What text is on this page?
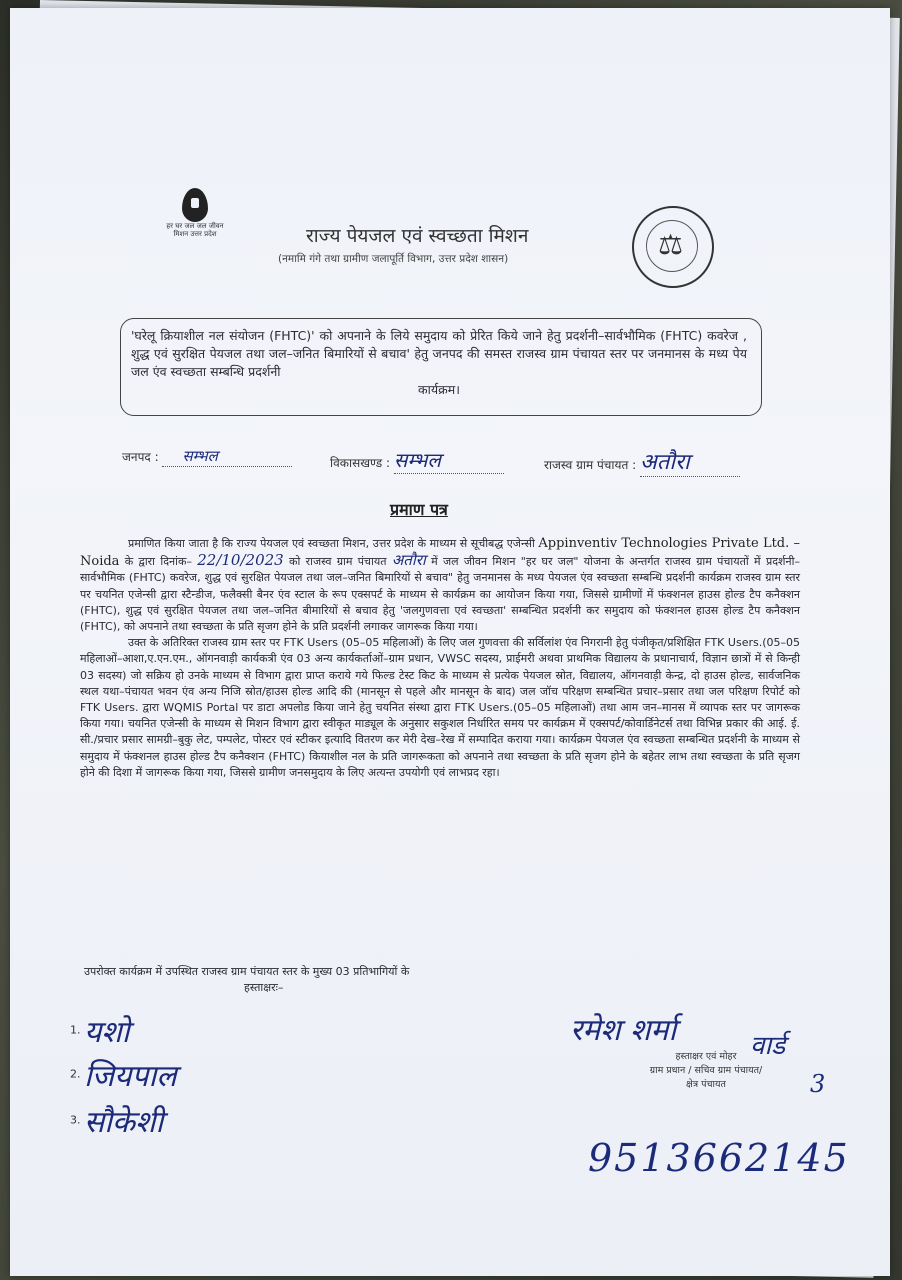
हर घर जल जल जीवन मिशन उत्तर प्रदेश	राज्य पेयजल एवं स्वच्छता मिशन
(नमामि गंगे तथा ग्रामीण जलापूर्ति विभाग, उत्तर प्रदेश शासन)
⚖
'घरेलू क्रियाशील नल संयोजन (FHTC)' को अपनाने के लिये समुदाय को प्रेरित किये जाने हेतु प्रदर्शनी–सार्वभौमिक (FHTC) कवरेज , शुद्ध एवं सुरक्षित पेयजल तथा जल–जनित बिमारियों से बचाव' हेतु जनपद की समस्त राजस्व ग्राम पंचायत स्तर पर जनमानस के मध्य पेय जल एंव स्वच्छता सम्बन्धि प्रदर्शनी
कार्यक्रम।
जनपद : सम्भल	विकासखण्ड : सम्भल	राजस्व ग्राम पंचायत : अतौरा
प्रमाण पत्र

प्रमाणित किया जाता है कि राज्य पेयजल एवं स्वच्छता मिशन, उत्तर प्रदेश के माध्यम से सूचीबद्ध एजेन्सी Appinventiv Technologies Private Ltd. – Noida के द्वारा दिनांक– 22/10/2023 को राजस्व ग्राम पंचायत अतौरा में जल जीवन मिशन "हर घर जल" योजना के अन्तर्गत राजस्व ग्राम पंचायतों में प्रदर्शनी–सार्वभौमिक (FHTC) कवरेज, शुद्ध एवं सुरक्षित पेयजल तथा जल–जनित बिमारियों से बचाव" हेतु जनमानस के मध्य पेयजल एंव स्वच्छता सम्बन्धि प्रदर्शनी कार्यक्रम राजस्व ग्राम स्तर पर चयनित एजेन्सी द्वारा स्टैन्डीज, फलैक्सी बैनर एंव स्टाल के रूप एक्सपर्ट के माध्यम से कार्यक्रम का आयोजन किया गया, जिससे ग्रामीणों में फंक्शनल हाउस होल्ड टैप कनैक्शन (FHTC), शुद्ध एवं सुरक्षित पेयजल तथा जल–जनित बीमारियों से बचाव हेतु 'जलगुणवत्ता एवं स्वच्छता' सम्बन्धित प्रदर्शनी कर समुदाय को फंक्शनल हाउस होल्ड टैप कनैक्शन (FHTC), को अपनाने तथा स्वच्छता के प्रति सृजग होने के प्रति प्रदर्शनी लगाकर जागरूक किया गया।

उक्त के अतिरिक्त राजस्व ग्राम स्तर पर FTK Users (05–05 महिलाओं) के लिए जल गुणवत्ता की सर्विलांश एंव निगरानी हेतु पंजीकृत/प्रशिक्षित FTK Users.(05–05 महिलाओं–आशा,ए.एन.एम., ऑगनवाड़ी कार्यकत्री एंव 03 अन्य कार्यकर्ताओं–ग्राम प्रधान, VWSC सदस्य, प्राईमरी अथवा प्राथमिक विद्यालय के प्रधानाचार्य, विज्ञान छात्रों में से किन्ही 03 सदस्य) जो सक्रिय हो उनके माध्यम से विभाग द्वारा प्राप्त कराये गये फिल्ड टेस्ट किट के माध्यम से प्रत्येक पेयजल स्रोत, विद्यालय, ऑगनवाड़ी केन्द्र, दो हाउस होल्ड, सार्वजनिक स्थल यथा–पंचायत भवन एंव अन्य निजि स्रोत/हाउस होल्ड आदि की (मानसून से पहले और मानसून के बाद) जल जॉच परिक्षण सम्बन्धित प्रचार–प्रसार तथा जल परिक्षण रिपोर्ट को FTK Users. द्वारा WQMIS Portal पर डाटा अपलोड किया जाने हेतु चयनित संस्था द्वारा FTK Users.(05–05 महिलाओं) तथा आम जन–मानस में व्यापक स्तर पर जागरूक किया गया। चयनित एजेन्सी के माध्यम से मिशन विभाग द्वारा स्वीकृत माड्यूल के अनुसार सकुशल निर्धारित समय पर कार्यक्रम में एक्सपर्ट/कोवार्डिनेटर्स तथा विभिन्न प्रकार की आई. ई. सी./प्रचार प्रसार सामग्री–बुकु लेट, पम्पलेट, पोस्टर एवं स्टीकर इत्यादि वितरण कर मेरी देख–रेख में सम्पादित कराया गया। कार्यक्रम पेयजल एंव स्वच्छता सम्बन्धित प्रदर्शनी के माध्यम से समुदाय में फंक्शनल हाउस होल्ड टैप कनैक्शन (FHTC) कियाशील नल के प्रति जागरूकता को अपनाने तथा स्वच्छता के प्रति सृजग होने के बहेतर लाभ तथा स्वच्छता के प्रति सृजग होने की दिशा में जागरूक किया गया, जिससे ग्रामीण जनसमुदाय के लिए अत्यन्त उपयोगी एवं लाभप्रद रहा।

उपरोक्त कार्यक्रम में उपस्थित राजस्व ग्राम पंचायत स्तर के मुख्य 03 प्रतिभागियों के
हस्ताक्षरः–
1. यशो
2. जियपाल
3. सौकेशी
रमेश शर्मा	वार्ड
3
हस्ताक्षर एवं मोहर
ग्राम प्रधान / सचिव ग्राम पंचायत/
क्षेत्र पंचायत
9513662145
